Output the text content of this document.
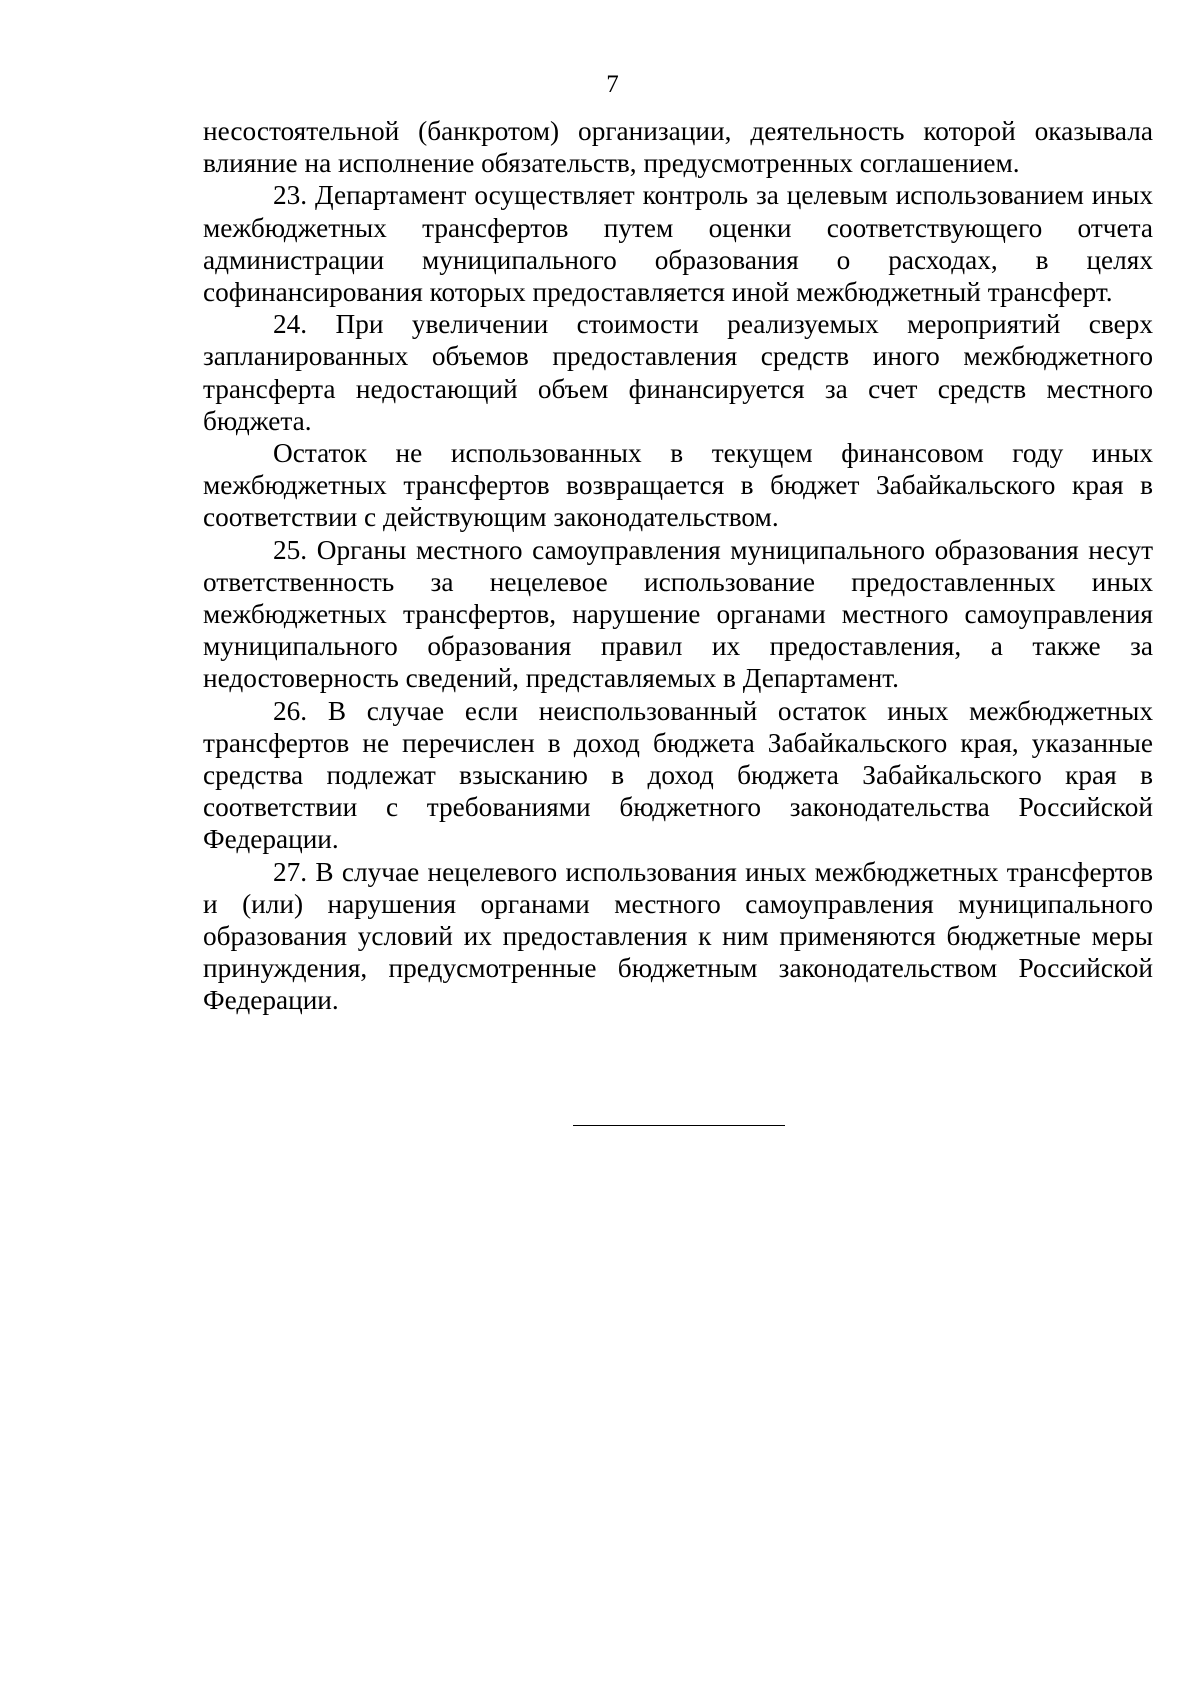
7

несостоятельной (банкротом) организации, деятельность которой оказывала влияние на исполнение обязательств, предусмотренных соглашением.

23. Департамент осуществляет контроль за целевым использованием иных межбюджетных трансфертов путем оценки соответствующего отчета администрации муниципального образования о расходах, в целях софинансирования которых предоставляется иной межбюджетный трансферт.

24. При увеличении стоимости реализуемых мероприятий сверх запланированных объемов предоставления средств иного межбюджетного трансферта недостающий объем финансируется за счет средств местного бюджета.

Остаток не использованных в текущем финансовом году иных межбюджетных трансфертов возвращается в бюджет Забайкальского края в соответствии с действующим законодательством.

25. Органы местного самоуправления муниципального образования несут ответственность за нецелевое использование предоставленных иных межбюджетных трансфертов, нарушение органами местного самоуправления муниципального образования правил их предоставления, а также за недостоверность сведений, представляемых в Департамент.

26. В случае если неиспользованный остаток иных межбюджетных трансфертов не перечислен в доход бюджета Забайкальского края, указанные средства подлежат взысканию в доход бюджета Забайкальского края в соответствии с требованиями бюджетного законодательства Российской Федерации.

27. В случае нецелевого использования иных межбюджетных трансфертов и (или) нарушения органами местного самоуправления муниципального образования условий их предоставления к ним применяются бюджетные меры принуждения, предусмотренные бюджетным законодательством Российской Федерации.
